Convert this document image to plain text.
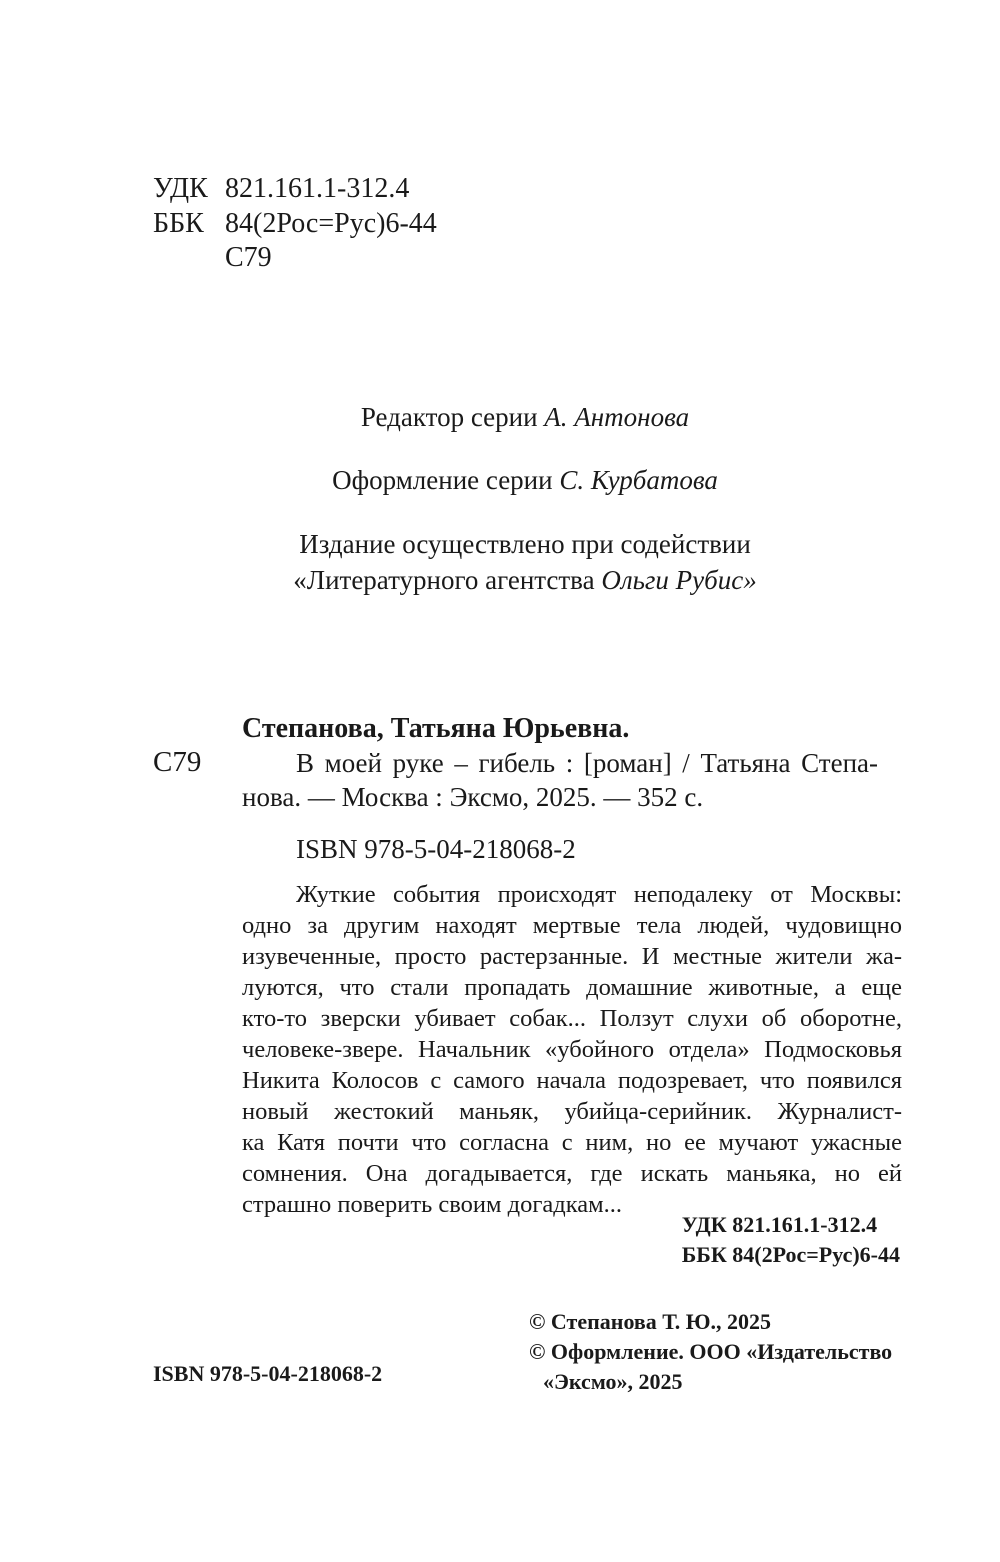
УДК 821.161.1-312.4
ББК 84(2Рос=Рус)6-44
С79
Редактор серии А. Антонова
Оформление серии С. Курбатова
Издание осуществлено при содействии
«Литературного агентства Ольги Рубис»
Степанова, Татьяна Юрьевна.
С79	В моей руке – гибель : [роман] / Татьяна Степа-
нова. — Москва : Эксмо, 2025. — 352 с.
ISBN 978-5-04-218068-2
Жуткие события происходят неподалеку от Москвы:
одно за другим находят мертвые тела людей, чудовищно
изувеченные, просто растерзанные. И местные жители жа-
луются, что стали пропадать домашние животные, а еще
кто-то зверски убивает собак... Ползут слухи об оборотне,
человеке-звере. Начальник «убойного отдела» Подмосковья
Никита Колосов с самого начала подозревает, что появился
новый жестокий маньяк, убийца-серийник. Журналист-
ка Катя почти что согласна с ним, но ее мучают ужасные
сомнения. Она догадывается, где искать маньяка, но ей
страшно поверить своим догадкам...
УДК 821.161.1-312.4
ББК 84(2Рос=Рус)6-44
© Степанова Т. Ю., 2025
© Оформление. ООО «Издательство
«Эксмо», 2025
ISBN 978-5-04-218068-2
